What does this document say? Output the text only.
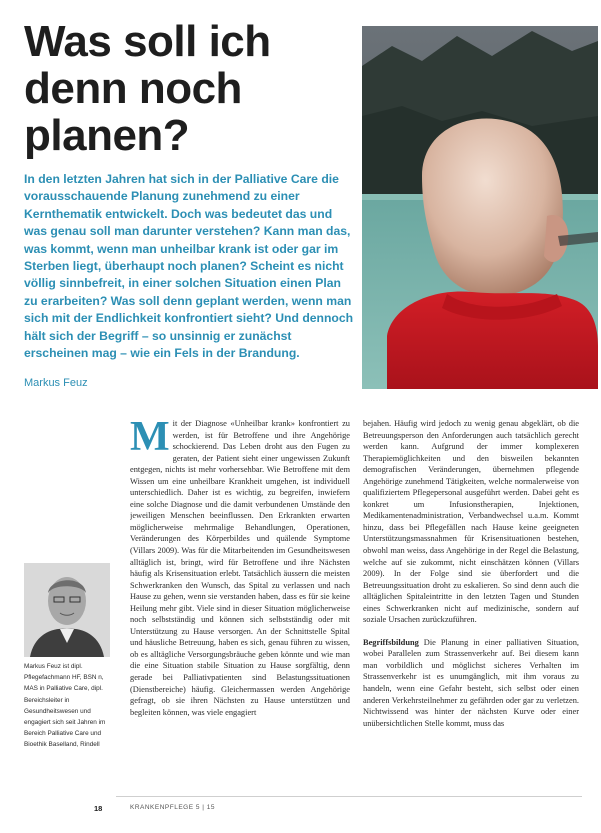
Was soll ich
denn noch
planen?

In den letzten Jahren hat sich in der Palliative Care die vorausschauende Planung zunehmend zu einer Kernthematik entwickelt. Doch was bedeutet das und was genau soll man darunter verstehen? Kann man das, was kommt, wenn man unheilbar krank ist oder gar im Sterben liegt, überhaupt noch planen? Scheint es nicht völlig sinnbefreit, in einer solchen Situation einen Plan zu erarbeiten? Was soll denn geplant werden, wenn man sich mit der Endlichkeit konfrontiert sieht? Und dennoch hält sich der Begriff – so unsinnig er zunächst erscheinen mag – wie ein Fels in der Brandung.

Markus Feuz

Mit der Diagnose «Unheilbar krank» konfrontiert zu werden, ist für Betroffene und ihre Angehörige schockierend. Das Leben droht aus den Fugen zu geraten, der Patient sieht einer ungewissen Zukunft entgegen, nichts ist mehr vorhersehbar. Wie Betroffene mit dem Wissen um eine unheilbare Krankheit umgehen, ist individuell unterschiedlich. Daher ist es wichtig, zu begreifen, inwiefern eine solche Diagnose und die damit verbundenen Umstände den jeweiligen Menschen beeinflussen. Den Erkrankten erwarten möglicherweise mehrmalige Behandlungen, Operationen, Veränderungen des Körperbildes und quälende Symptome (Villars 2009). Was für die Mitarbeitenden im Gesundheitswesen alltäglich ist, bringt, wird für Betroffene und ihre Nächsten häufig als Krisensituation erlebt. Tatsächlich äussern die meisten Schwerkranken den Wunsch, das Spital zu verlassen und nach Hause zu gehen, wenn sie verstanden haben, dass es für sie keine Heilung mehr gibt. Viele sind in dieser Situation möglicherweise noch selbstständig und können sich selbstständig oder mit Unterstützung zu Hause versorgen. An der Schnittstelle Spital und häusliche Betreuung, haben es sich, genau führen zu wissen, ob es alltägliche Versorgungsbräuche geben könnte und wie man die eine Situation stabile Situation zu Hause sorgfältig, denn gerade bei Palliativpatienten sind Belastungssituationen (Dienstbereiche) häufig. Gleichermassen werden Angehörige gefragt, ob sie ihren Nächsten zu Hause unterstützen und begleiten können, was viele engagiert

bejahen. Häufig wird jedoch zu wenig genau abgeklärt, ob die Betreuungsperson den Anforderungen auch tatsächlich gerecht werden kann. Aufgrund der immer komplexeren Therapiemöglichkeiten und den bisweilen bekannten demografischen Veränderungen, übernehmen pflegende Angehörige zunehmend Tätigkeiten, welche normalerweise von qualifiziertem Pflegepersonal ausgeführt werden. Dabei geht es konkret um Infusionstherapien, Injektionen, Medikamentenadministration, Verbandwechsel u.a.m. Kommt hinzu, dass bei Pflegefällen nach Hause keine geeigneten Unterstützungsmassnahmen für Krisensituationen bestehen, obwohl man weiss, dass Angehörige in der Regel die Belastung, welche auf sie zukommt, nicht einschätzen können (Villars 2009). In der Folge sind sie überfordert und die Betreuungssituation droht zu eskalieren. So sind denn auch die alltäglichen Spitaleintritte in den letzten Tagen und Stunden eines Schwerkranken nicht auf medizinische, sondern auf soziale Ursachen zurückzuführen.

Begriffsbildung Die Planung in einer palliativen Situation, wobei Parallelen zum Strassenverkehr auf. Bei diesem kann man vorbildlich und möglichst sicheres Verhalten im Strassenverkehr ist es unumgänglich, mit ihm voraus zu handeln, wenn eine Gefahr besteht, sich selbst oder einen anderen Verkehrsteilnehmer zu gefährden oder gar zu verletzen. Nichtwissend was hinter der nächsten Kurve oder einer unübersichtlichen Stelle kommt, muss das

Markus Feuz ist dipl. Pflegefachmann HF, BSN n, MAS in Palliative Care, dipl. Bereichsleiter in Gesundheitswesen und engagiert sich seit Jahren im Bereich Palliative Care und Bioethik Baselland, Rindell

18	KRANKENPFLEGE 5 | 15
